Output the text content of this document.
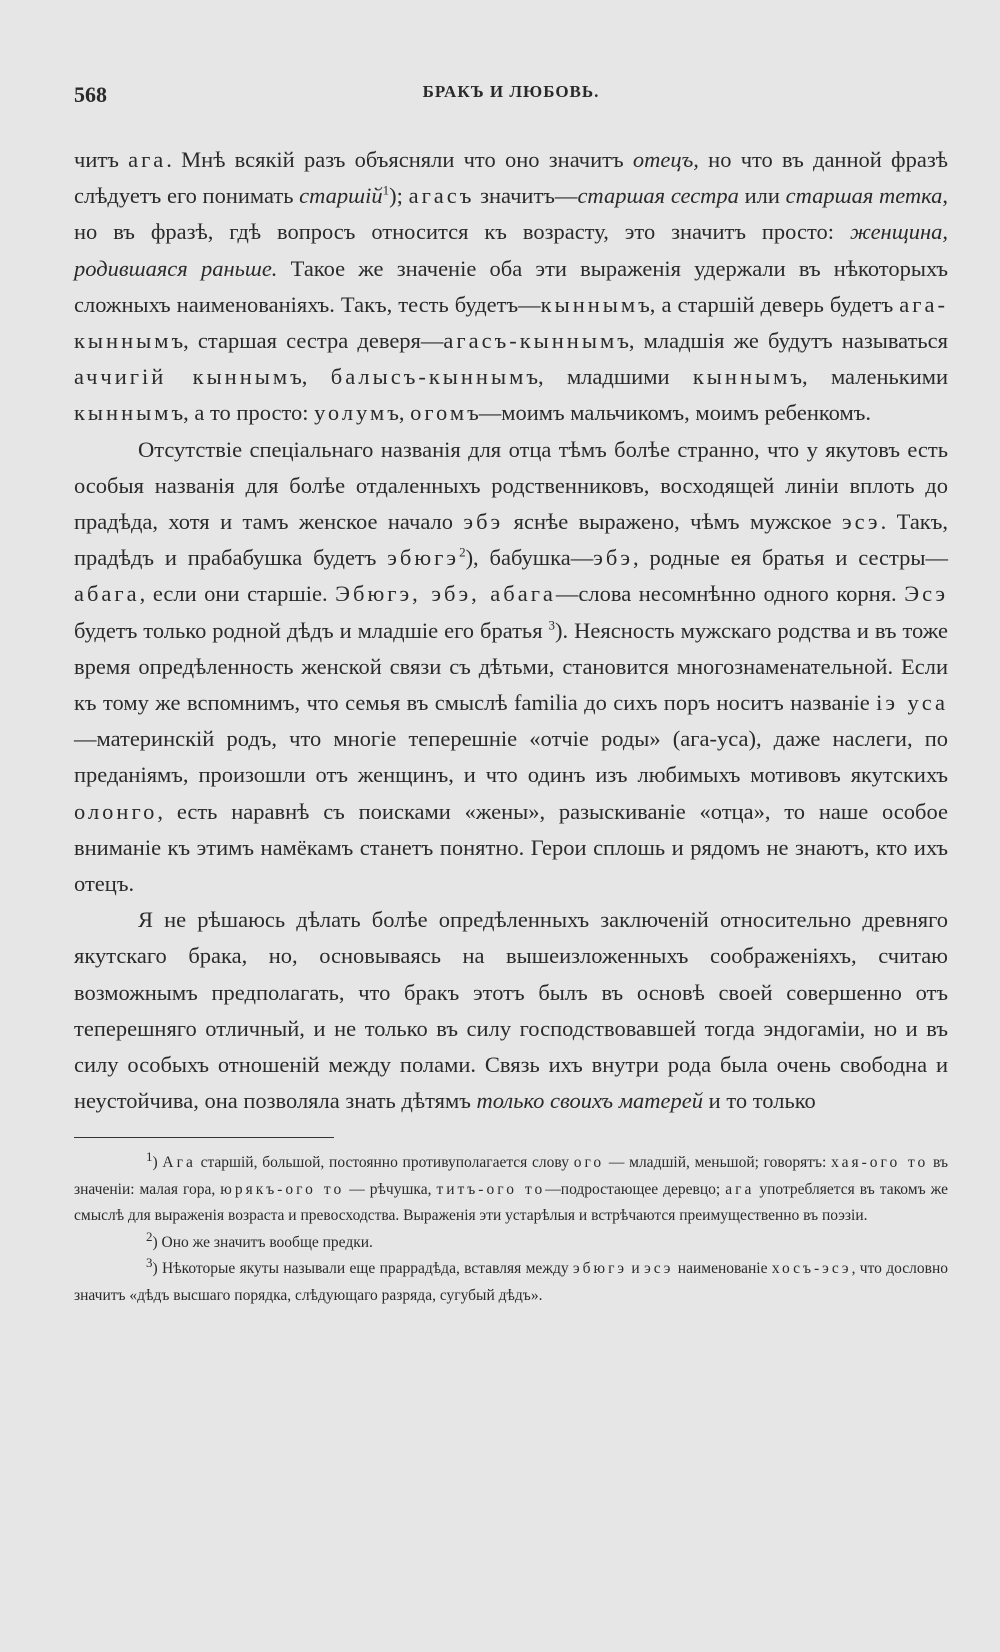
568	БРАКЪ И ЛЮБОВЬ.

читъ ага. Мнѣ всякій разъ объясняли что оно значитъ отецъ, но что въ данной фразѣ слѣдуетъ его понимать старшій$^1$); агасъ значитъ—старшая сестра или старшая тетка, но въ фразѣ, гдѣ вопросъ относится къ возрасту, это значитъ просто: женщина, родившаяся раньше. Такое же значеніе оба эти выраженія удержали въ нѣкоторыхъ сложныхъ наименованіяхъ. Такъ, тесть будетъ—кыннымъ, а старшій деверь будетъ ага-кыннымъ, старшая сестра деверя—агасъ-кыннымъ, младшія же будутъ называться аччигій кыннымъ, балысъ-кыннымъ, младшими кыннымъ, маленькими кыннымъ, а то просто: уолумъ, огомъ—моимъ мальчикомъ, моимъ ребенкомъ.

Отсутствіе спеціальнаго названія для отца тѣмъ болѣе странно, что у якутовъ есть особыя названія для болѣе отдаленныхъ родственниковъ, восходящей линіи вплоть до прадѣда, хотя и тамъ женское начало эбэ яснѣе выражено, чѣмъ мужское эсэ. Такъ, прадѣдъ и прабабушка будетъ эбюгэ$^2$), бабушка—эбэ, родные ея братья и сестры—абага, если они старшіе. Эбюгэ, эбэ, абага—слова несомнѣнно одного корня. Эсэ будетъ только родной дѣдъ и младшіе его братья $^3$). Неясность мужскаго родства и въ тоже время опредѣленность женской связи съ дѣтьми, становится многознаменательной. Если къ тому же вспомнимъ, что семья въ смыслѣ familia до сихъ поръ носитъ названіе іэ уса—материнскій родъ, что многіе теперешніе «отчіе роды» (ага-уса), даже наслеги, по преданіямъ, произошли отъ женщинъ, и что одинъ изъ любимыхъ мотивовъ якутскихъ олонго, есть наравнѣ съ поисками «жены», разыскиваніе «отца», то наше особое вниманіе къ этимъ намёкамъ станетъ понятно. Герои сплошь и рядомъ не знаютъ, кто ихъ отецъ.

Я не рѣшаюсь дѣлать болѣе опредѣленныхъ заключеній относительно древняго якутскаго брака, но, основываясь на вышеизложенныхъ соображеніяхъ, считаю возможнымъ предполагать, что бракъ этотъ былъ въ основѣ своей совершенно отъ теперешняго отличный, и не только въ силу господствовавшей тогда эндогаміи, но и въ силу особыхъ отношеній между полами. Связь ихъ внутри рода была очень свободна и неустойчива, она позволяла знать дѣтямъ только своихъ матерей и то только

$^1$) Ага старшій, большой, постоянно противуполагается слову ого — младшій, меньшой; говорятъ: хая-ого то въ значеніи: малая гора, юрякъ-ого то — рѣчушка, титъ-ого то—подростающее деревцо; ага употребляется въ такомъ же смыслѣ для выраженія возраста и превосходства. Выраженія эти устарѣлыя и встрѣчаются преимущественно въ поэзіи.

$^2$) Оно же значитъ вообще предки.

$^3$) Нѣкоторые якуты называли еще праpрадѣда, вставляя между эбюгэ и эсэ наименованіе хосъ-эсэ, что дословно значитъ «дѣдъ высшаго порядка, слѣдующаго разряда, сугубый дѣдъ».
